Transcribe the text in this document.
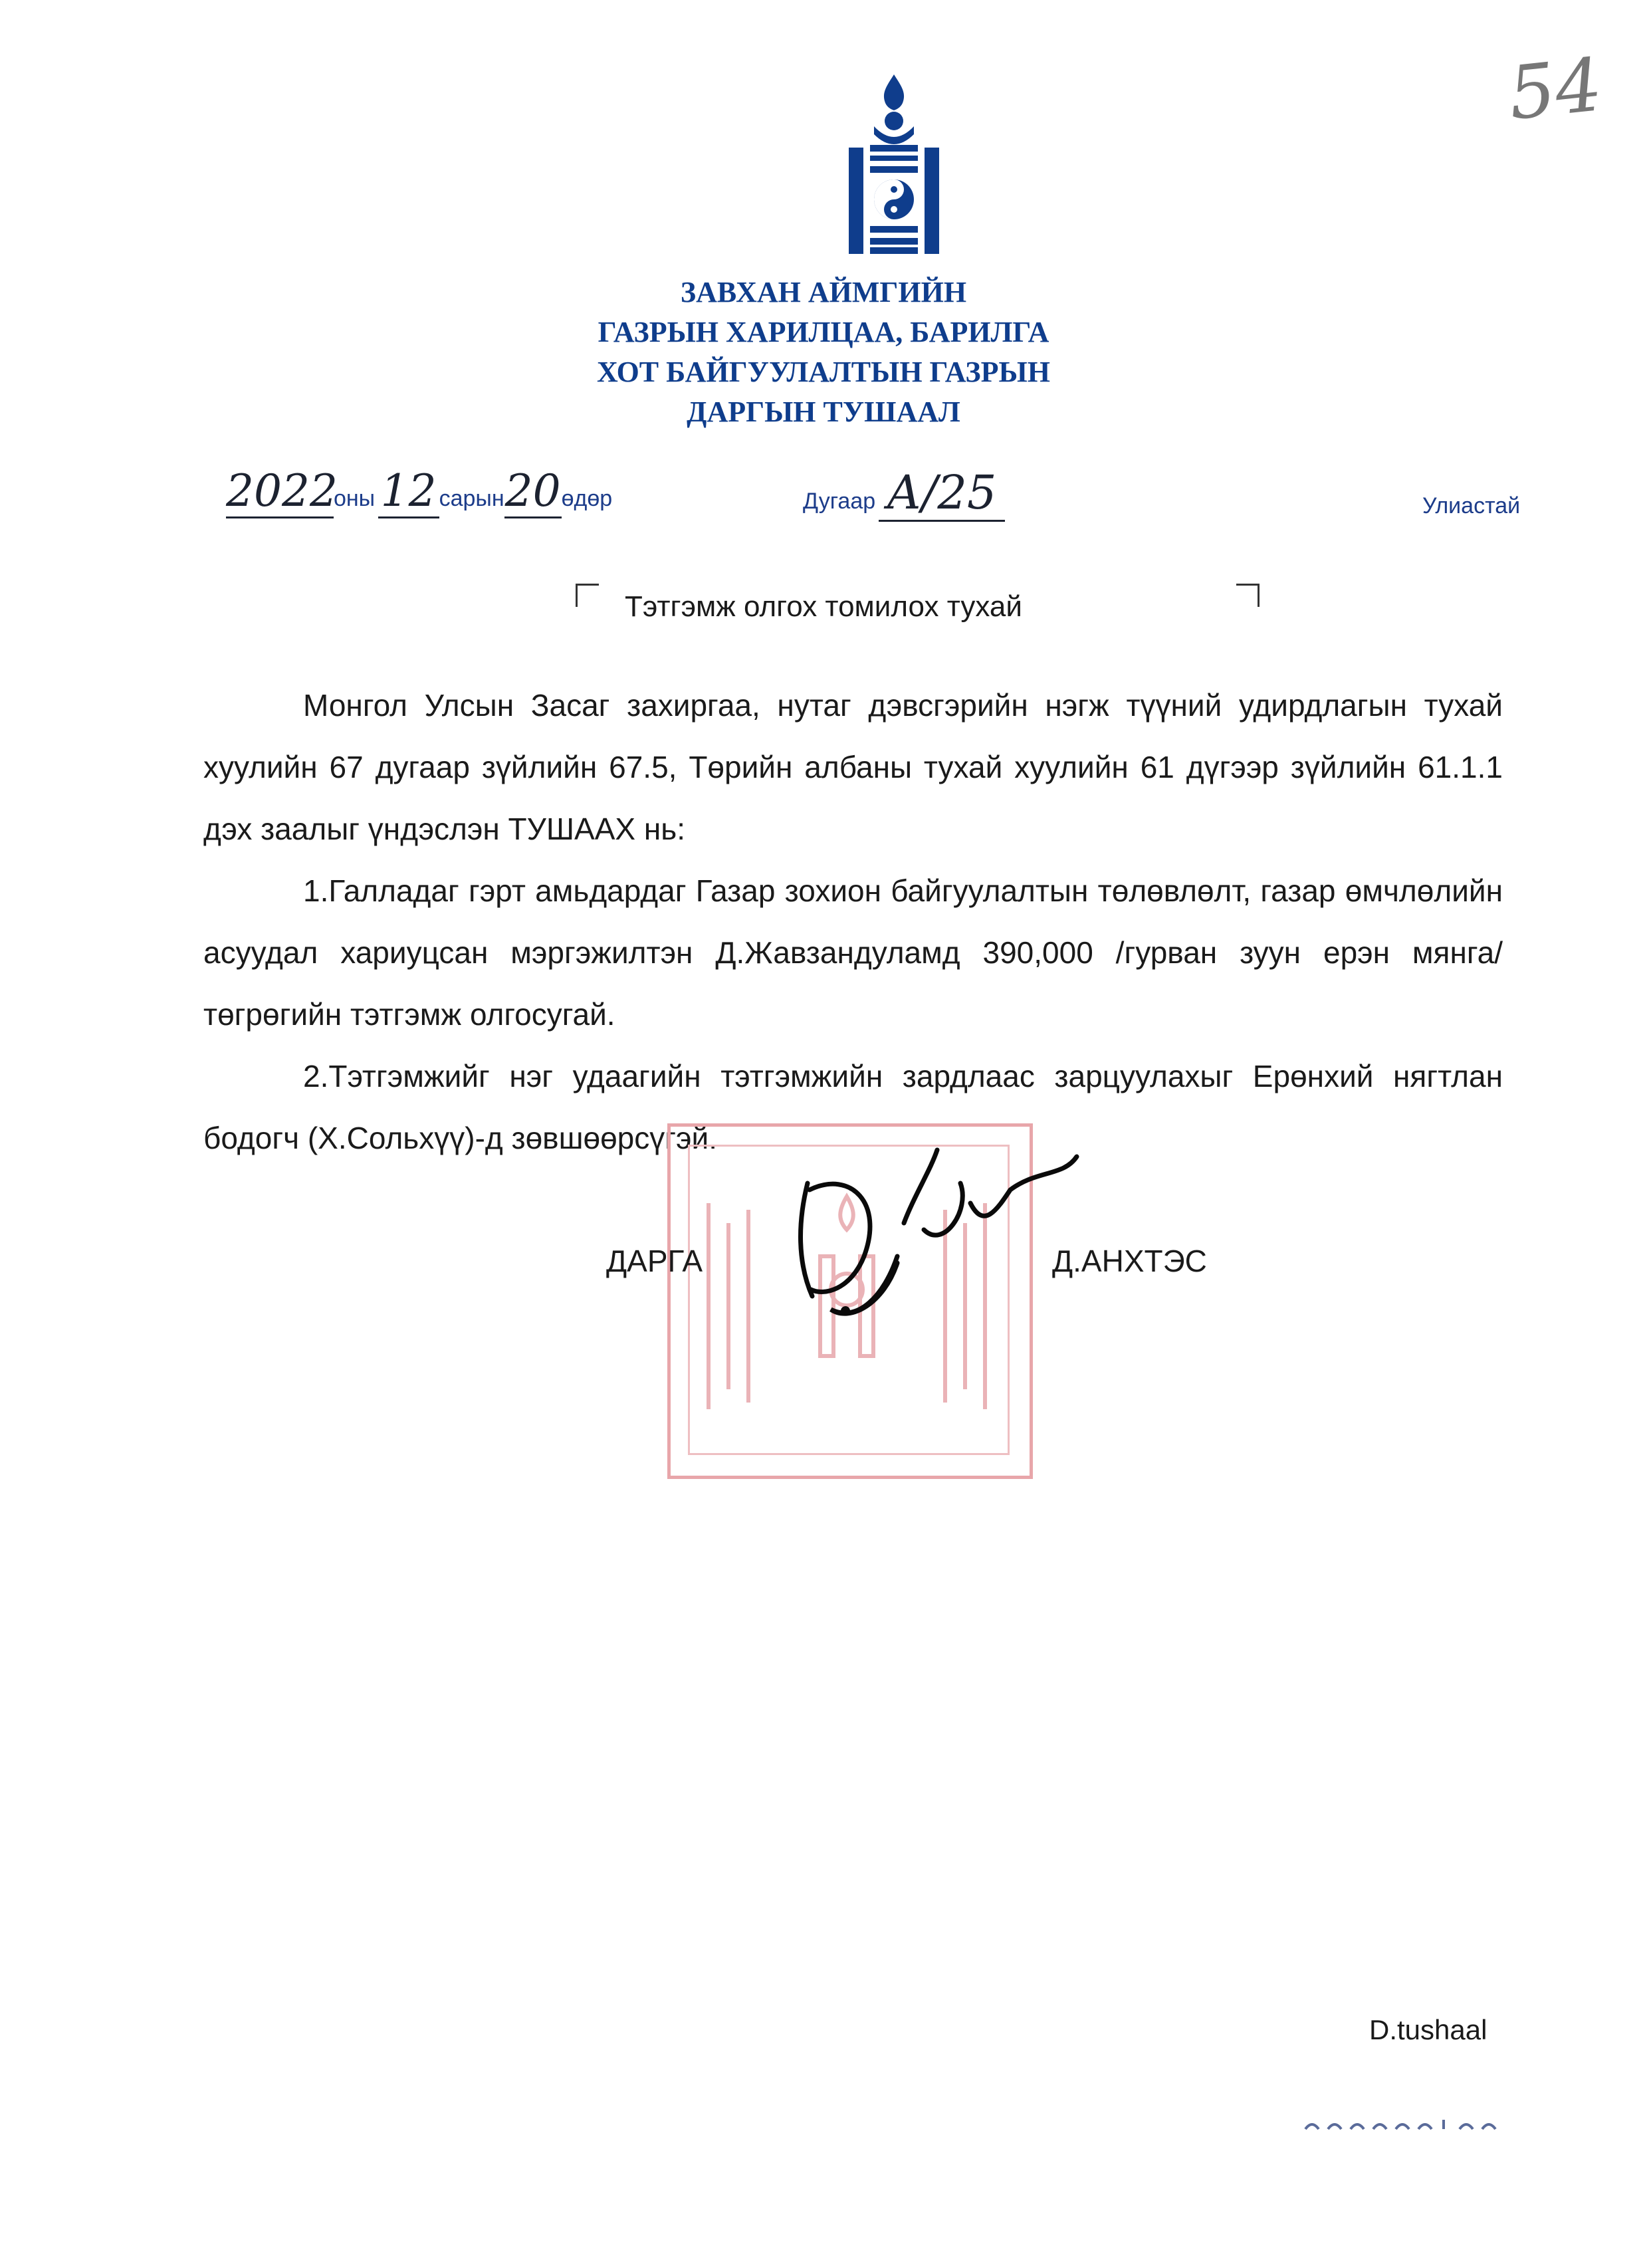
54
ЗАВХАН АЙМГИЙН
ГАЗРЫН ХАРИЛЦАА, БАРИЛГА
ХОТ БАЙГУУЛАЛТЫН ГАЗРЫН
ДАРГЫН ТУШААЛ
2022оны 12 сарын20өдөр	Дугаар А/25	Улиастай
Тэтгэмж олгох томилох тухай

Монгол Улсын Засаг захиргаа, нутаг дэвсгэрийн нэгж түүний удирдлагын тухай хуулийн 67 дугаар зүйлийн 67.5, Төрийн албаны тухай хуулийн 61 дүгээр зүйлийн 61.1.1 дэх заалыг үндэслэн ТУШААХ нь:

1.Галладаг гэрт амьдардаг Газар зохион байгуулалтын төлөвлөлт, газар өмчлөлийн асуудал хариуцсан мэргэжилтэн Д.Жавзандуламд 390,000 /гурван зуун ерэн мянга/ төгрөгийн тэтгэмж олгосугай.

2.Тэтгэмжийг нэг удаагийн тэтгэмжийн зардлаас зарцуулахыг Ерөнхий нягтлан бодогч (Х.Сольхүү)-д зөвшөөрсүгэй.

ДАРГА	Д.АНХТЭС
D.tushaal
